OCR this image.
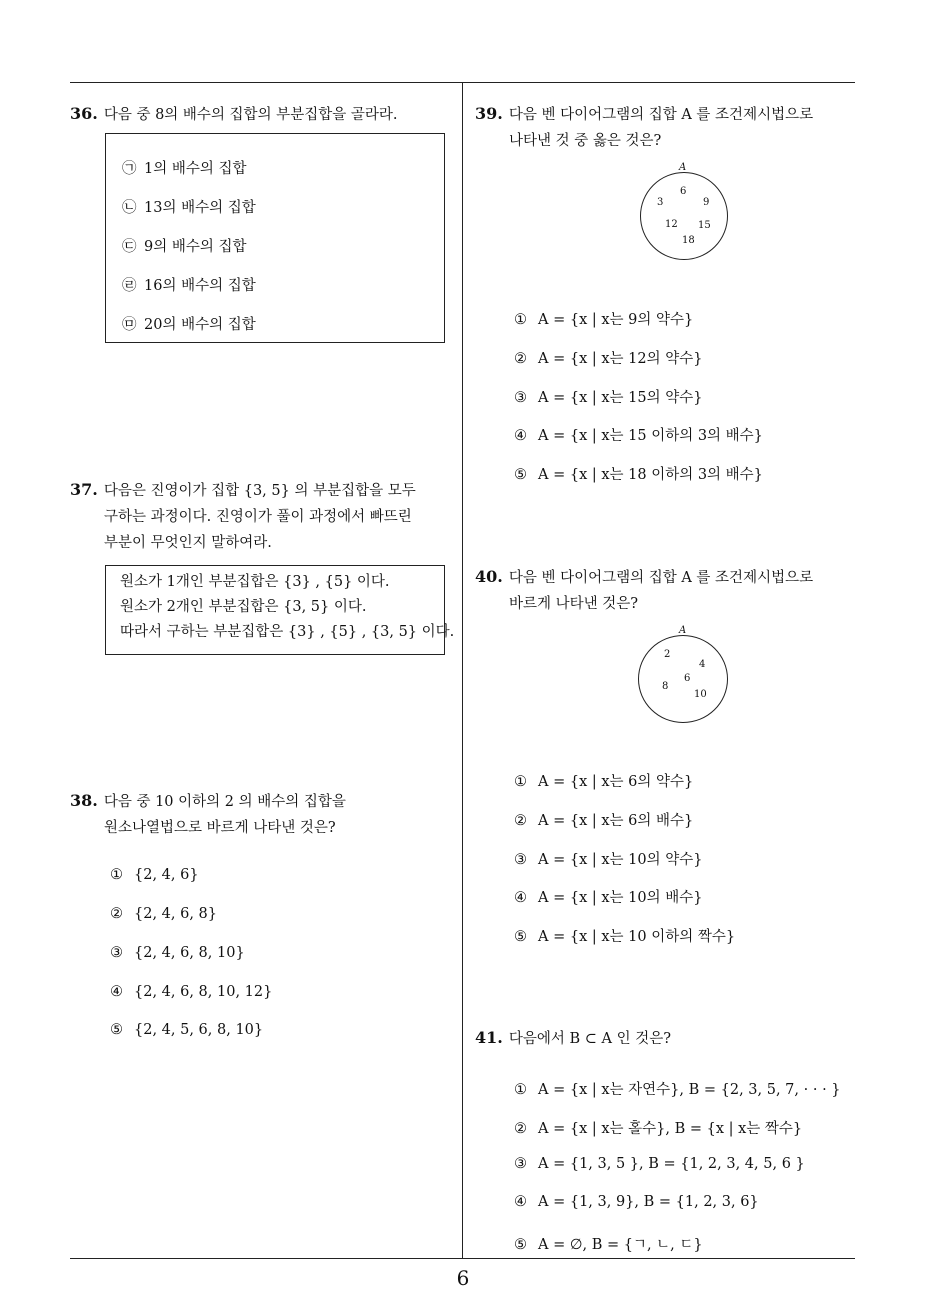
36. 다음 중 8의 배수의 집합의 부분집합을 골라라.
㉠ 1의 배수의 집합
㉡ 13의 배수의 집합
㉢ 9의 배수의 집합
㉣ 16의 배수의 집합
㉤ 20의 배수의 집합
37. 다음은 진영이가 집합 {3, 5} 의 부분집합을 모두
구하는 과정이다. 진영이가 풀이 과정에서 빠뜨린
부분이 무엇인지 말하여라.
원소가 1개인 부분집합은 {3} , {5} 이다.
원소가 2개인 부분집합은 {3, 5} 이다.
따라서 구하는 부분집합은 {3} , {5} , {3, 5} 이다.
38. 다음 중 10 이하의 2 의 배수의 집합을
원소나열법으로 바르게 나타낸 것은?
① {2, 4, 6}
② {2, 4, 6, 8}
③ {2, 4, 6, 8, 10}
④ {2, 4, 6, 8, 10, 12}
⑤ {2, 4, 5, 6, 8, 10}
39. 다음 벤 다이어그램의 집합 A 를 조건제시법으로
나타낸 것 중 옳은 것은?
A
6
3	9
12 15
18
① A = {x | x는 9의 약수}
② A = {x | x는 12의 약수}
③ A = {x | x는 15의 약수}
④ A = {x | x는 15 이하의 3의 배수}
⑤ A = {x | x는 18 이하의 3의 배수}
40. 다음 벤 다이어그램의 집합 A 를 조건제시법으로
바르게 나타낸 것은?
A
2
4
6
8
10
① A = {x | x는 6의 약수}
② A = {x | x는 6의 배수}
③ A = {x | x는 10의 약수}
④ A = {x | x는 10의 배수}
⑤ A = {x | x는 10 이하의 짝수}
41. 다음에서 B ⊂ A 인 것은?
① A = {x | x는 자연수}, B = {2, 3, 5, 7, · · · }
② A = {x | x는 홀수}, B = {x | x는 짝수}
③ A = {1, 3, 5 }, B = {1, 2, 3, 4, 5, 6 }
④ A = {1, 3, 9}, B = {1, 2, 3, 6}
⑤ A = ∅, B = {ㄱ, ㄴ, ㄷ}
6
